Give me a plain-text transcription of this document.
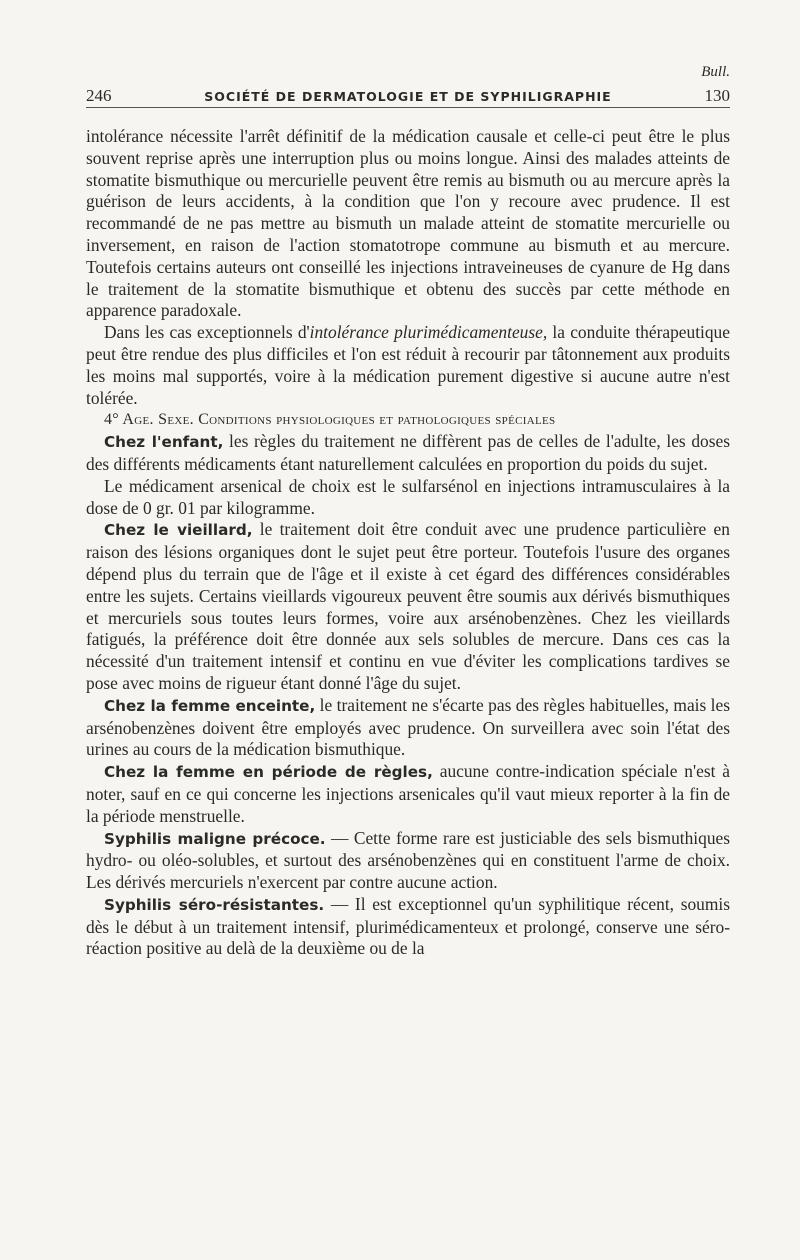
Bull.
246	SOCIÉTÉ DE DERMATOLOGIE ET DE SYPHILIGRAPHIE	130

intolérance nécessite l'arrêt définitif de la médication causale et celle-ci peut être le plus souvent reprise après une interruption plus ou moins longue. Ainsi des malades atteints de stomatite bismuthique ou mercurielle peuvent être remis au bismuth ou au mercure après la guérison de leurs accidents, à la condition que l'on y recoure avec prudence. Il est recommandé de ne pas mettre au bismuth un malade atteint de stomatite mercurielle ou inversement, en raison de l'action stomatotrope commune au bismuth et au mercure. Toutefois certains auteurs ont conseillé les injections intraveineuses de cyanure de Hg dans le traitement de la stomatite bismuthique et obtenu des succès par cette méthode en apparence paradoxale.

Dans les cas exceptionnels d'intolérance plurimédicamenteuse, la conduite thérapeutique peut être rendue des plus difficiles et l'on est réduit à recourir par tâtonnement aux produits les moins mal supportés, voire à la médication purement digestive si aucune autre n'est tolérée.

4° Age. Sexe. Conditions physiologiques et pathologiques spéciales

Chez l'enfant, les règles du traitement ne diffèrent pas de celles de l'adulte, les doses des différents médicaments étant naturellement calculées en proportion du poids du sujet.

Le médicament arsenical de choix est le sulfarsénol en injections intramusculaires à la dose de 0 gr. 01 par kilogramme.

Chez le vieillard, le traitement doit être conduit avec une prudence particulière en raison des lésions organiques dont le sujet peut être porteur. Toutefois l'usure des organes dépend plus du terrain que de l'âge et il existe à cet égard des différences considérables entre les sujets. Certains vieillards vigoureux peuvent être soumis aux dérivés bismuthiques et mercuriels sous toutes leurs formes, voire aux arsénobenzènes. Chez les vieillards fatigués, la préférence doit être donnée aux sels solubles de mercure. Dans ces cas la nécessité d'un traitement intensif et continu en vue d'éviter les complications tardives se pose avec moins de rigueur étant donné l'âge du sujet.

Chez la femme enceinte, le traitement ne s'écarte pas des règles habituelles, mais les arsénobenzènes doivent être employés avec prudence. On surveillera avec soin l'état des urines au cours de la médication bismuthique.

Chez la femme en période de règles, aucune contre-indication spéciale n'est à noter, sauf en ce qui concerne les injections arsenicales qu'il vaut mieux reporter à la fin de la période menstruelle.

Syphilis maligne précoce. — Cette forme rare est justiciable des sels bismuthiques hydro- ou oléo-solubles, et surtout des arsénobenzènes qui en constituent l'arme de choix. Les dérivés mercuriels n'exercent par contre aucune action.

Syphilis séro-résistantes. — Il est exceptionnel qu'un syphilitique récent, soumis dès le début à un traitement intensif, plurimédicamenteux et prolongé, conserve une séro-réaction positive au delà de la deuxième ou de la
